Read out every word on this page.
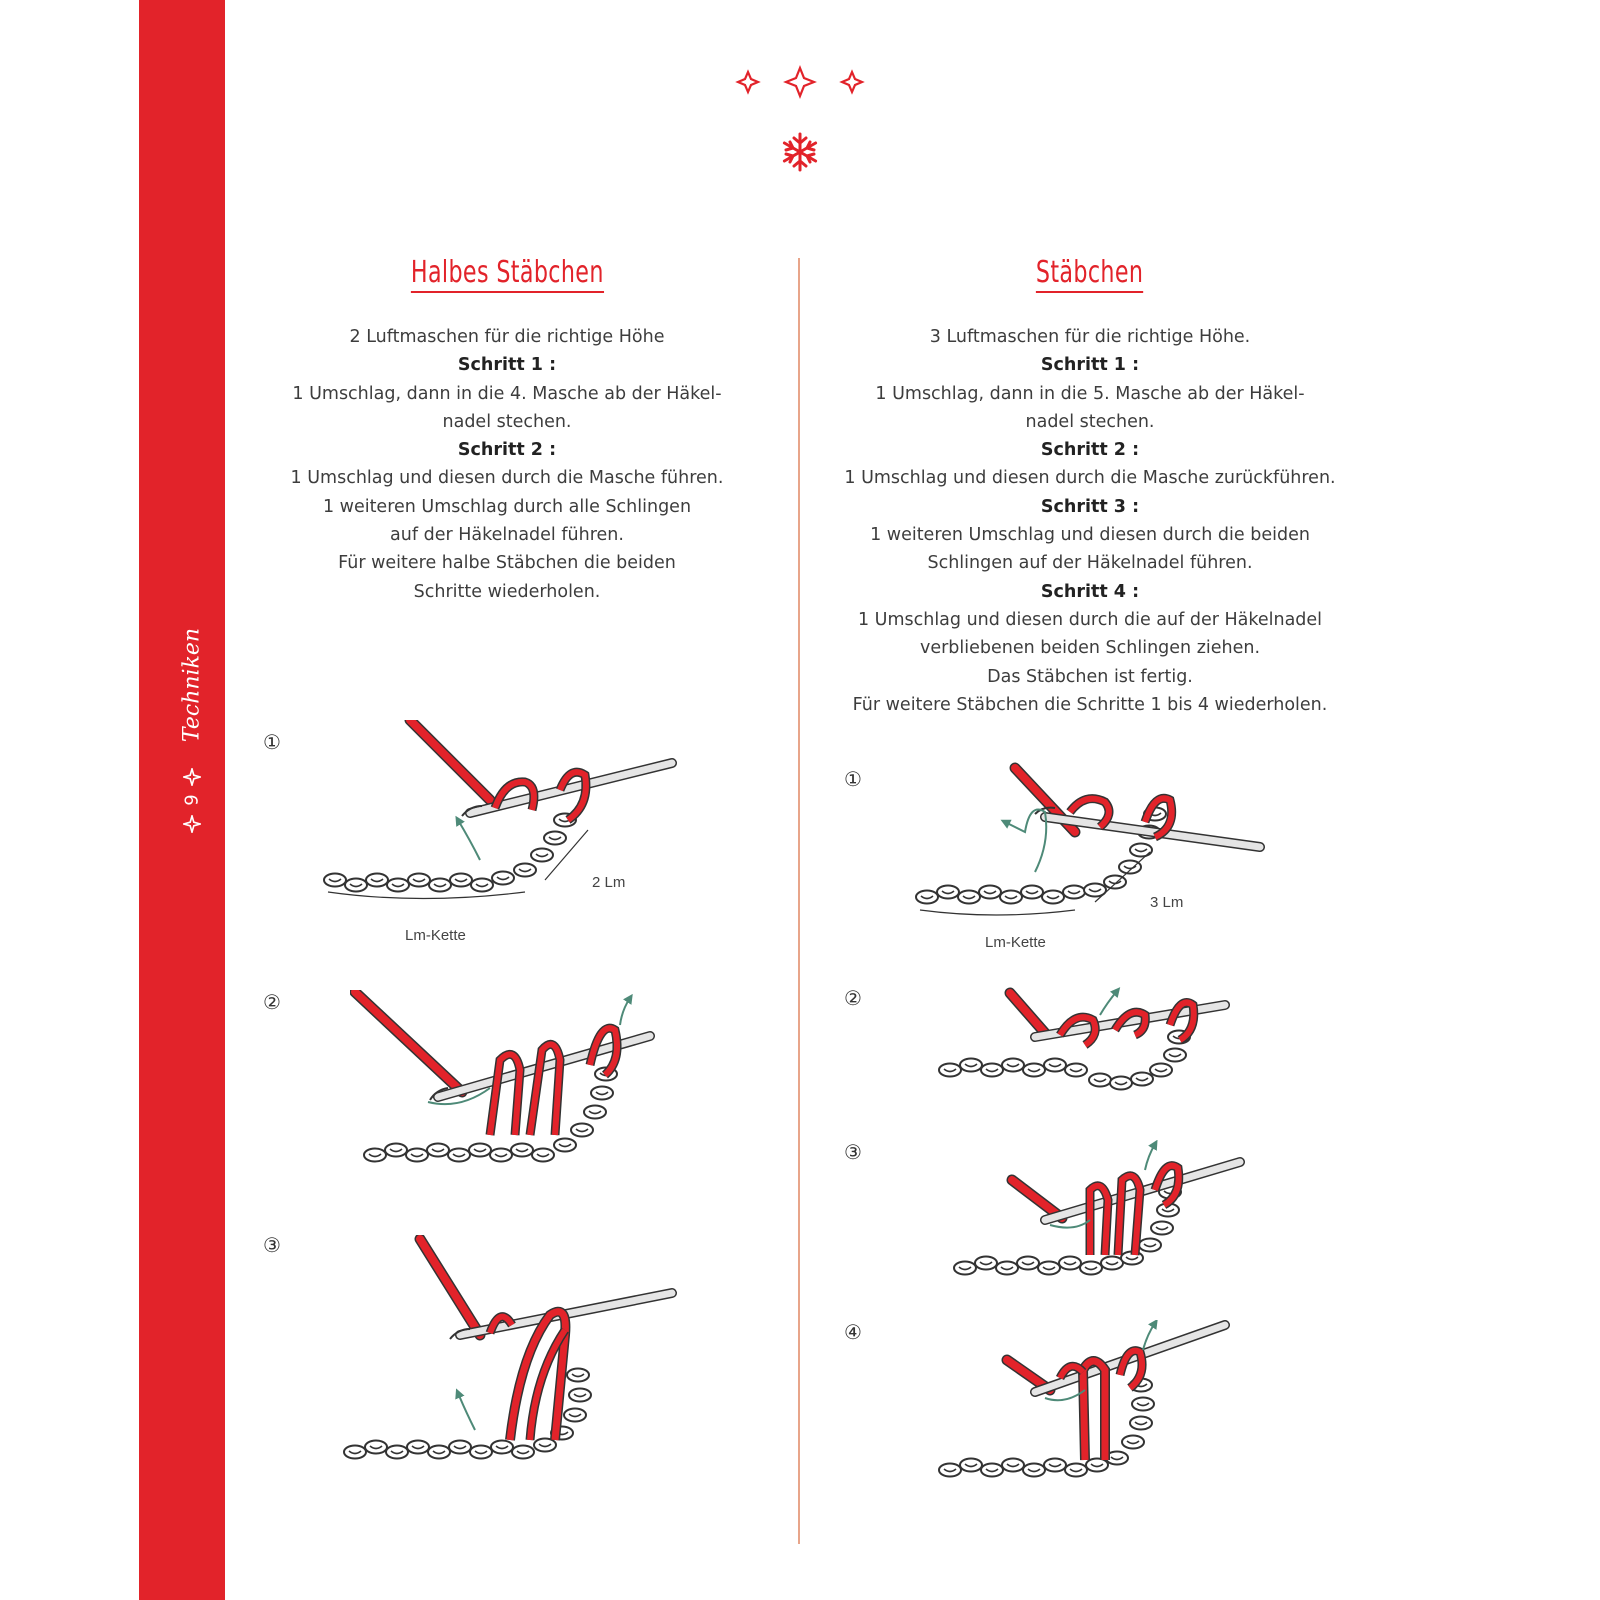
Techniken
9
Halbes Stäbchen
2 Luftmaschen für die richtige Höhe
Schritt 1 :
1 Umschlag, dann in die 4. Masche ab der Häkel-
nadel stechen.
Schritt 2 :
1 Umschlag und diesen durch die Masche führen.
1 weiteren Umschlag durch alle Schlingen
auf der Häkelnadel führen.
Für weitere halbe Stäbchen die beiden
Schritte wiederholen.
Stäbchen
3 Luftmaschen für die richtige Höhe.
Schritt 1 :
1 Umschlag, dann in die 5. Masche ab der Häkel-
nadel stechen.
Schritt 2 :
1 Umschlag und diesen durch die Masche zurückführen.
Schritt 3 :
1 weiteren Umschlag und diesen durch die beiden
Schlingen auf der Häkelnadel führen.
Schritt 4 :
1 Umschlag und diesen durch die auf der Häkelnadel
verbliebenen beiden Schlingen ziehen.
Das Stäbchen ist fertig.
Für weitere Stäbchen die Schritte 1 bis 4 wiederholen.
①
②
③
①
②
③
④
Lm-Kette
2 Lm
Lm-Kette
3 Lm
